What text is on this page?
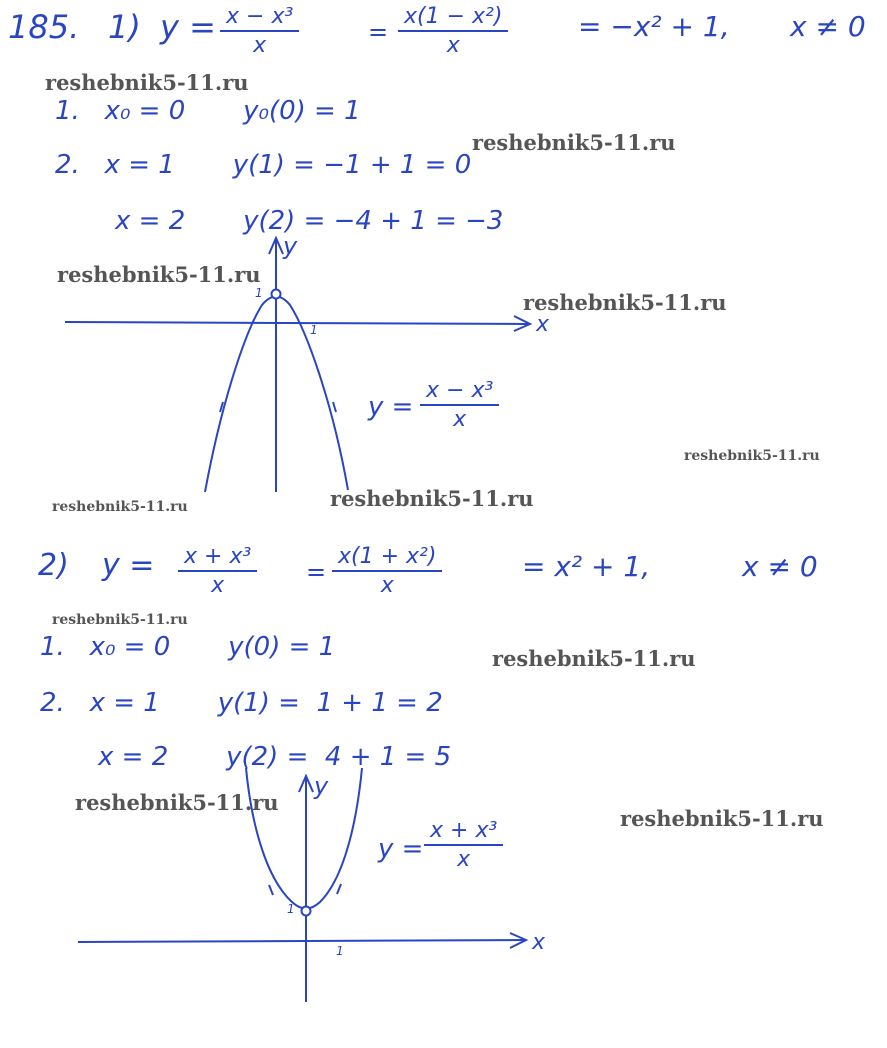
185. 1) $y = \frac{\text{x − x³}}{x}$	= $\frac{\text{x(1 − x²)}}{x} = -x^2 + 1$, x ≠ 0
reshebnik5-11.ru
reshebnik5-11.ru
1.   x₀ = 0       y₀(0) = 1
2.   x = 1       y(1) = −1 + 1 = 0
x = 2       y(2) = −4 + 1 = −3
y
x
1
1
$y = \frac{\text{x − x³}}{x}$
reshebnik5-11.ru
reshebnik5-11.ru
reshebnik5-11.ru
reshebnik5-11.ru
reshebnik5-11.ru
2) $y = \frac{\text{x + x³}}{x} = \frac{\text{x(1 + x²)}}{x}$	= x² + 1,	x ≠ 0
reshebnik5-11.ru
reshebnik5-11.ru
1.   x₀ = 0       y(0) = 1
2.   x = 1       y(1) =  1 + 1 = 2
x = 2       y(2) =  4 + 1 = 5
y
x
1
1
$y = \frac{\text{x + x³}}{x}$
reshebnik5-11.ru
reshebnik5-11.ru
